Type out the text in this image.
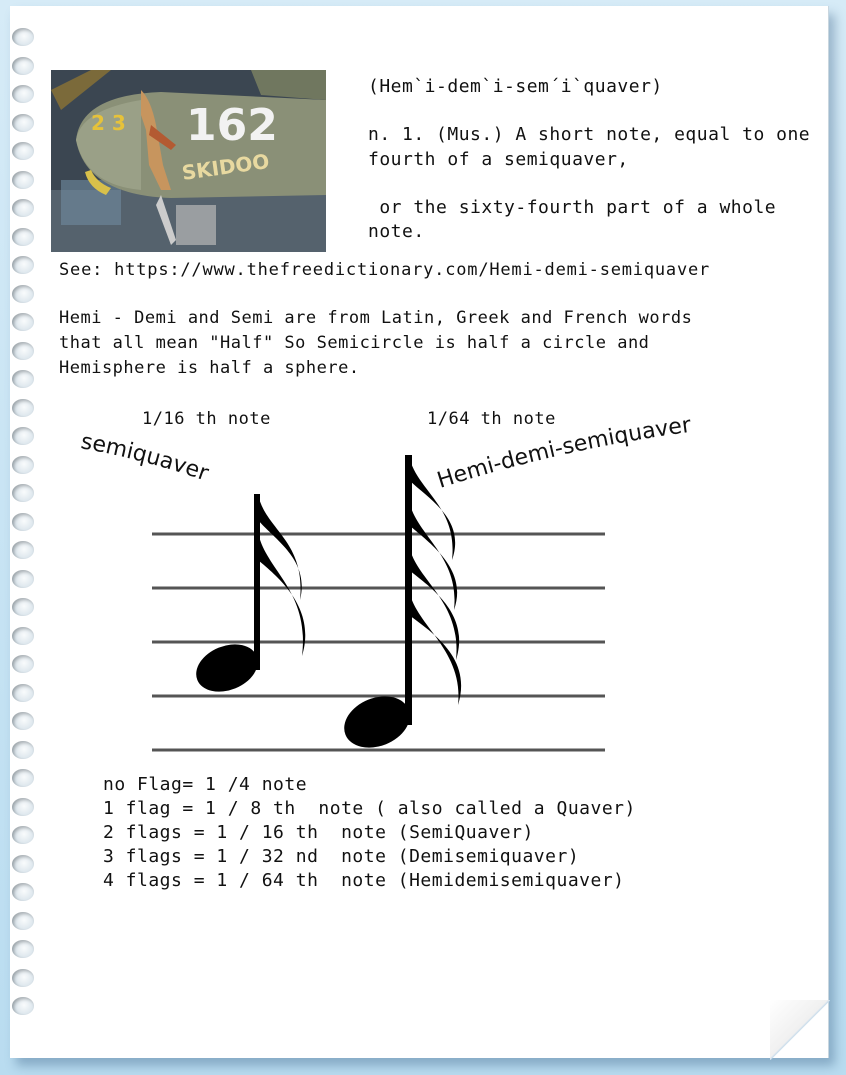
162
2 3
SKIDOO
(Hem`i-dem`i-sem´i`quaver)
n. 1. (Mus.) A short note, equal to one
fourth of a semiquaver,
or the sixty-fourth part of a whole
note.
See: https://www.thefreedictionary.com/Hemi-demi-semiquaver
Hemi - Demi and Semi are from Latin, Greek and French words
that all mean "Half" So Semicircle is half a circle and
Hemisphere is half a sphere.
1/16 th note	1/64 th note
semiquaver	Hemi-demi-semiquaver
no Flag= 1 /4 note
1 flag = 1 / 8 th  note ( also called a Quaver)
2 flags = 1 / 16 th  note (SemiQuaver)
3 flags = 1 / 32 nd  note (Demisemiquaver)
4 flags = 1 / 64 th  note (Hemidemisemiquaver)
